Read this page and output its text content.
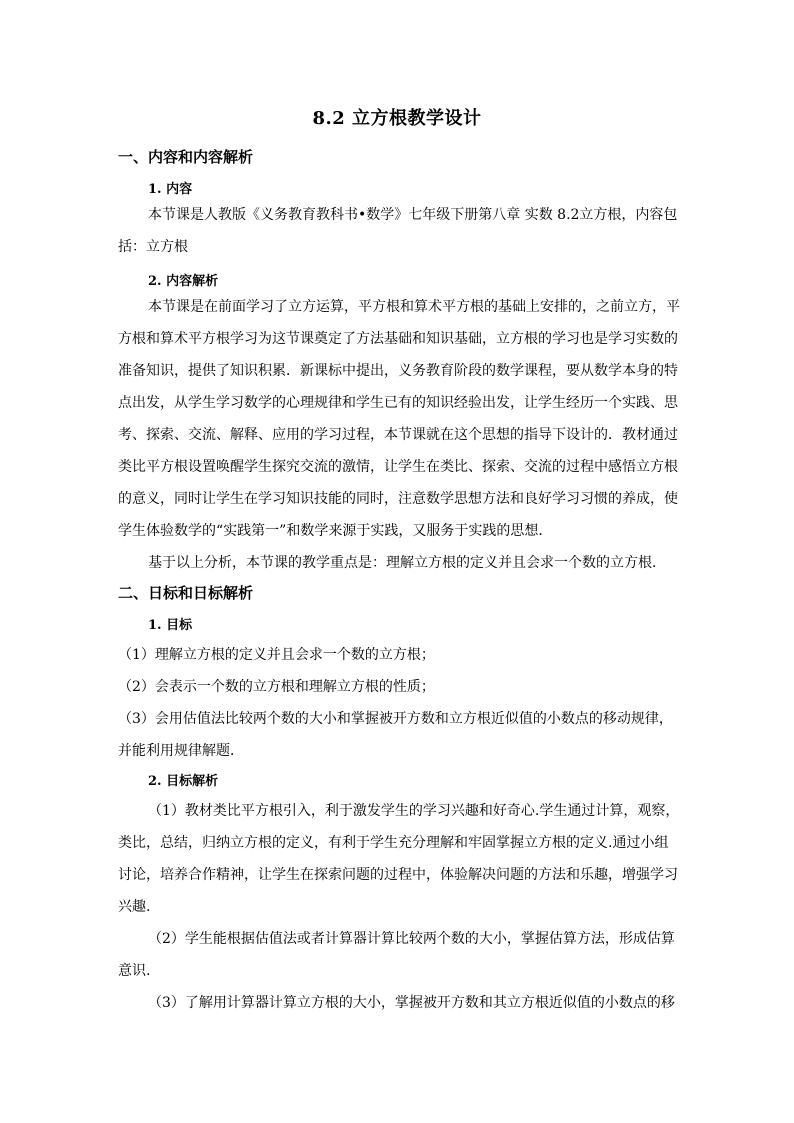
8.2 立方根教学设计
一、内容和内容解析
1. 内容
本节课是人教版《义务教育教科书•数学》七年级下册第八章 实数 8.2立方根，内容包
括：立方根
2. 内容解析
本节课是在前面学习了立方运算，平方根和算术平方根的基础上安排的，之前立方，平
方根和算术平方根学习为这节课奠定了方法基础和知识基础，立方根的学习也是学习实数的
准备知识，提供了知识积累．新课标中提出，义务教育阶段的数学课程，要从数学本身的特
点出发，从学生学习数学的心理规律和学生已有的知识经验出发，让学生经历一个实践、思
考、探索、交流、解释、应用的学习过程，本节课就在这个思想的指导下设计的．教材通过
类比平方根设置唤醒学生探究交流的激情，让学生在类比、探索、交流的过程中感悟立方根
的意义，同时让学生在学习知识技能的同时，注意数学思想方法和良好学习习惯的养成，使
学生体验数学的“实践第一”和数学来源于实践，又服务于实践的思想．
基于以上分析，本节课的教学重点是：理解立方根的定义并且会求一个数的立方根．
二、日标和日标解析
1. 目标
（1）理解立方根的定义并且会求一个数的立方根；
（2）会表示一个数的立方根和理解立方根的性质；
（3）会用估值法比较两个数的大小和掌握被开方数和立方根近似值的小数点的移动规律，
并能利用规律解题．
2. 目标解析
（1）教材类比平方根引入，利于激发学生的学习兴趣和好奇心.学生通过计算，观察，
类比，总结，归纳立方根的定义，有利于学生充分理解和牢固掌握立方根的定义.通过小组
讨论，培养合作精神，让学生在探索问题的过程中，体验解决问题的方法和乐趣，增强学习
兴趣.
（2）学生能根据估值法或者计算器计算比较两个数的大小，掌握估算方法，形成估算
意识.
（3）了解用计算器计算立方根的大小，掌握被开方数和其立方根近似值的小数点的移
